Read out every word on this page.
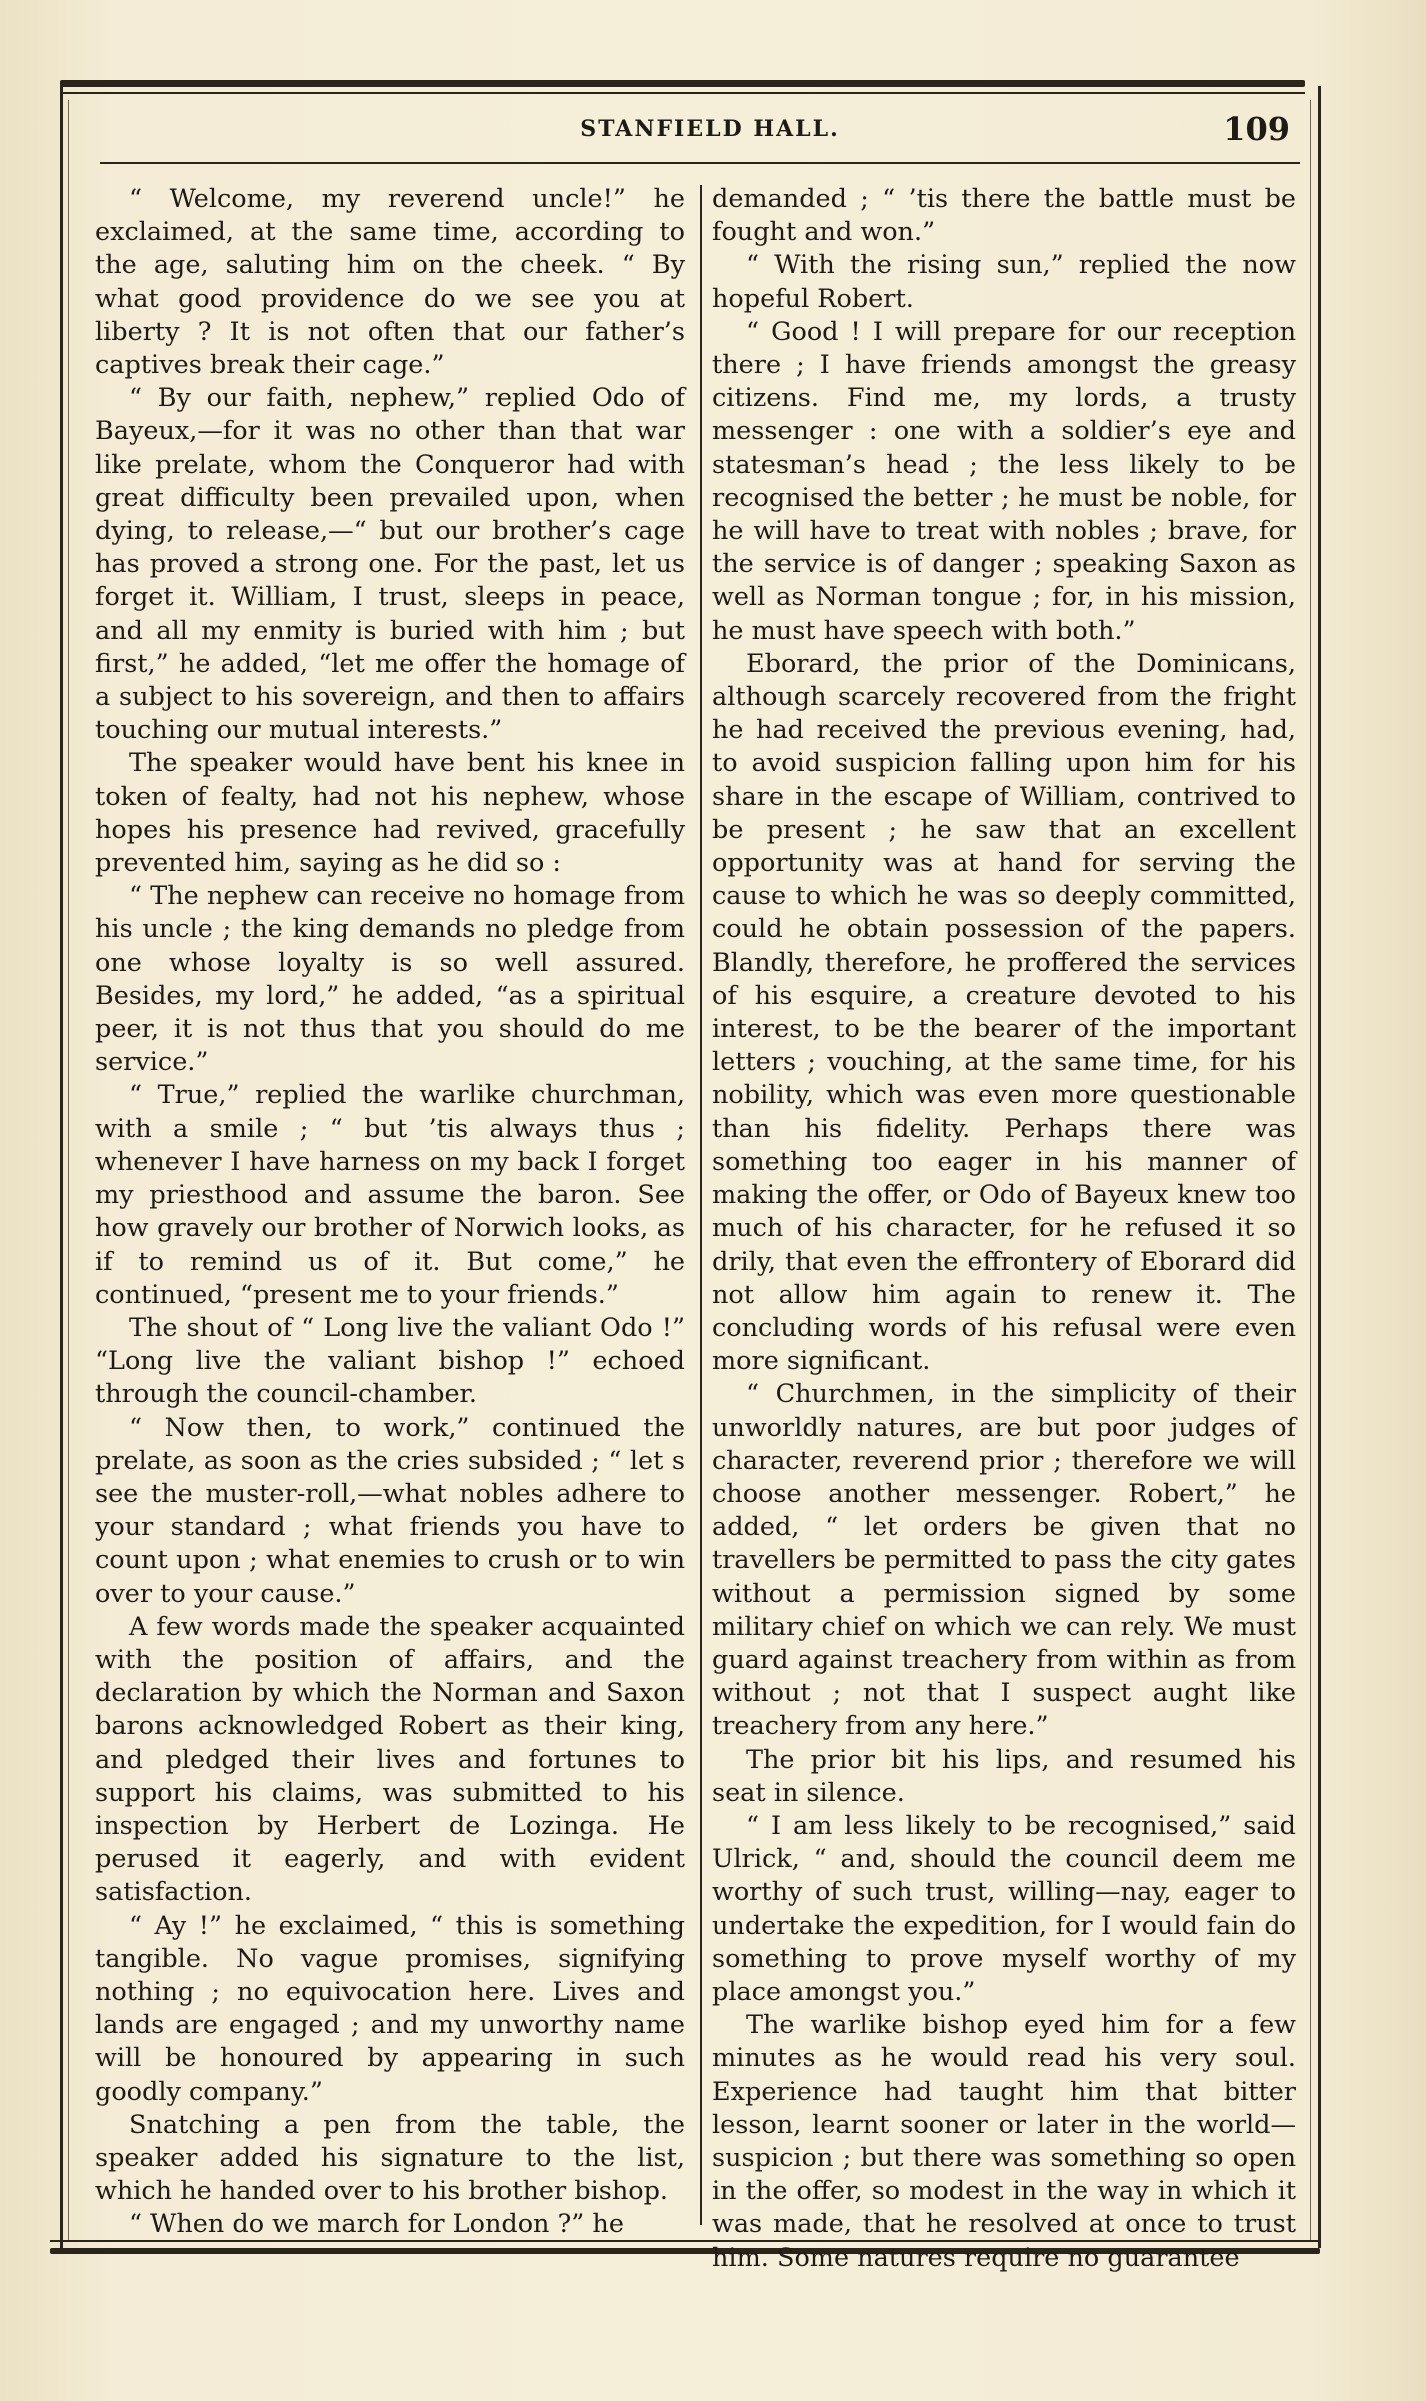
STANFIELD HALL.	109

“ Welcome, my reverend uncle!” he exclaimed, at the same time, according to the age, saluting him on the cheek. “ By what good providence do we see you at liberty ? It is not often that our father’s captives break their cage.”

“ By our faith, nephew,” replied Odo of Bayeux,—for it was no other than that war like prelate, whom the Conqueror had with great difficulty been prevailed upon, when dying, to release,—“ but our brother’s cage has proved a strong one. For the past, let us forget it. William, I trust, sleeps in peace, and all my enmity is buried with him ; but first,” he added, “let me offer the homage of a subject to his sovereign, and then to affairs touching our mutual interests.”

The speaker would have bent his knee in token of fealty, had not his nephew, whose hopes his presence had revived, gracefully prevented him, saying as he did so :

“ The nephew can receive no homage from his uncle ; the king demands no pledge from one whose loyalty is so well assured. Besides, my lord,” he added, “as a spiritual peer, it is not thus that you should do me service.”

“ True,” replied the warlike churchman, with a smile ; “ but ’tis always thus ; whenever I have harness on my back I forget my priesthood and assume the baron. See how gravely our brother of Norwich looks, as if to remind us of it. But come,” he continued, “present me to your friends.”

The shout of “ Long live the valiant Odo !” “Long live the valiant bishop !” echoed through the council-chamber.

“ Now then, to work,” continued the prelate, as soon as the cries subsided ; “ let s see the muster-roll,—what nobles adhere to your standard ; what friends you have to count upon ; what enemies to crush or to win over to your cause.”

A few words made the speaker acquainted with the position of affairs, and the declaration by which the Norman and Saxon barons acknowledged Robert as their king, and pledged their lives and fortunes to support his claims, was submitted to his inspection by Herbert de Lozinga. He perused it eagerly, and with evident satisfaction.

“ Ay !” he exclaimed, “ this is something tangible. No vague promises, signifying nothing ; no equivocation here. Lives and lands are engaged ; and my unworthy name will be honoured by appearing in such goodly company.”

Snatching a pen from the table, the speaker added his signature to the list, which he handed over to his brother bishop.

“ When do we march for London ?” he

demanded ; “ ’tis there the battle must be fought and won.”

“ With the rising sun,” replied the now hopeful Robert.

“ Good ! I will prepare for our reception there ; I have friends amongst the greasy citizens. Find me, my lords, a trusty messenger : one with a soldier’s eye and statesman’s head ; the less likely to be recognised the better ; he must be noble, for he will have to treat with nobles ; brave, for the service is of danger ; speaking Saxon as well as Norman tongue ; for, in his mission, he must have speech with both.”

Eborard, the prior of the Dominicans, although scarcely recovered from the fright he had received the previous evening, had, to avoid suspicion falling upon him for his share in the escape of William, contrived to be present ; he saw that an excellent opportunity was at hand for serving the cause to which he was so deeply committed, could he obtain possession of the papers. Blandly, therefore, he proffered the services of his esquire, a creature devoted to his interest, to be the bearer of the important letters ; vouching, at the same time, for his nobility, which was even more questionable than his fidelity. Perhaps there was something too eager in his manner of making the offer, or Odo of Bayeux knew too much of his character, for he refused it so drily, that even the effrontery of Eborard did not allow him again to renew it. The concluding words of his refusal were even more significant.

“ Churchmen, in the simplicity of their unworldly natures, are but poor judges of character, reverend prior ; therefore we will choose another messenger. Robert,” he added, “ let orders be given that no travellers be permitted to pass the city gates without a permission signed by some military chief on which we can rely. We must guard against treachery from within as from without ; not that I suspect aught like treachery from any here.”

The prior bit his lips, and resumed his seat in silence.

“ I am less likely to be recognised,” said Ulrick, “ and, should the council deem me worthy of such trust, willing—nay, eager to undertake the expedition, for I would fain do something to prove myself worthy of my place amongst you.”

The warlike bishop eyed him for a few minutes as he would read his very soul. Experience had taught him that bitter lesson, learnt sooner or later in the world—suspicion ; but there was something so open in the offer, so modest in the way in which it was made, that he resolved at once to trust him. Some natures require no guarantee
